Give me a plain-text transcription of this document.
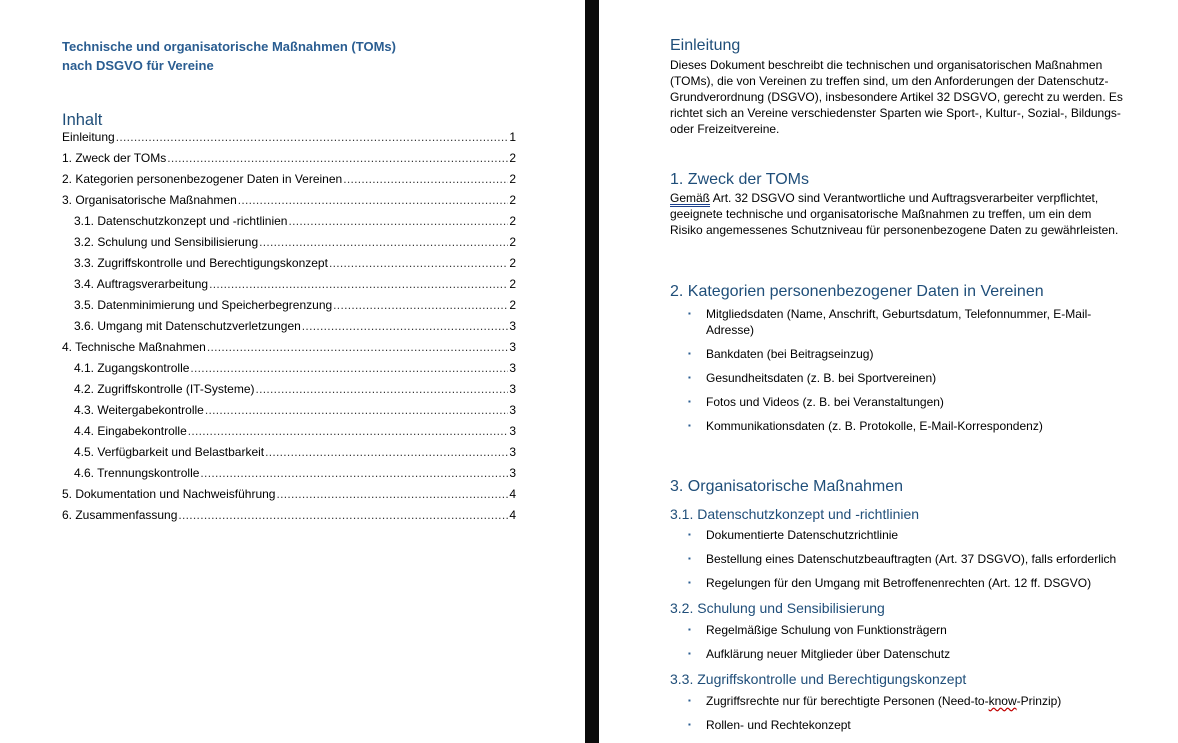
Technische und organisatorische Maßnahmen (TOMs)
nach DSGVO für Vereine
Inhalt
Einleitung .....	1
1. Zweck der TOMs .....	2
2. Kategorien personenbezogener Daten in Vereinen .....	2
3. Organisatorische Maßnahmen .....	2
3.1. Datenschutzkonzept und -richtlinien .....	2
3.2. Schulung und Sensibilisierung .....	2
3.3. Zugriffskontrolle und Berechtigungskonzept .....	2
3.4. Auftragsverarbeitung .....	2
3.5. Datenminimierung und Speicherbegrenzung .....	2
3.6. Umgang mit Datenschutzverletzungen .....	3
4. Technische Maßnahmen .....	3
4.1. Zugangskontrolle .....	3
4.2. Zugriffskontrolle (IT-Systeme) .....	3
4.3. Weitergabekontrolle .....	3
4.4. Eingabekontrolle .....	3
4.5. Verfügbarkeit und Belastbarkeit .....	3
4.6. Trennungskontrolle .....	3
5. Dokumentation und Nachweisführung .....	4
6. Zusammenfassung .....	4
Einleitung
Dieses Dokument beschreibt die technischen und organisatorischen Maßnahmen (TOMs), die von Vereinen zu treffen sind, um den Anforderungen der Datenschutz-Grundverordnung (DSGVO), insbesondere Artikel 32 DSGVO, gerecht zu werden. Es richtet sich an Vereine verschiedenster Sparten wie Sport-, Kultur-, Sozial-, Bildungs- oder Freizeitvereine.
1. Zweck der TOMs
Gemäß Art. 32 DSGVO sind Verantwortliche und Auftragsverarbeiter verpflichtet, geeignete technische und organisatorische Maßnahmen zu treffen, um ein dem Risiko angemessenes Schutzniveau für personenbezogene Daten zu gewährleisten.
2. Kategorien personenbezogener Daten in Vereinen
▪ Mitgliedsdaten (Name, Anschrift, Geburtsdatum, Telefonnummer, E-Mail-Adresse)
▪ Bankdaten (bei Beitragseinzug)
▪ Gesundheitsdaten (z. B. bei Sportvereinen)
▪ Fotos und Videos (z. B. bei Veranstaltungen)
▪ Kommunikationsdaten (z. B. Protokolle, E-Mail-Korrespondenz)
3. Organisatorische Maßnahmen
3.1. Datenschutzkonzept und -richtlinien
▪ Dokumentierte Datenschutzrichtlinie
▪ Bestellung eines Datenschutzbeauftragten (Art. 37 DSGVO), falls erforderlich
▪ Regelungen für den Umgang mit Betroffenenrechten (Art. 12 ff. DSGVO)
3.2. Schulung und Sensibilisierung
▪ Regelmäßige Schulung von Funktionsträgern
▪ Aufklärung neuer Mitglieder über Datenschutz
3.3. Zugriffskontrolle und Berechtigungskonzept
▪ Zugriffsrechte nur für berechtigte Personen (Need-to-know-Prinzip)
▪ Rollen- und Rechtekonzept
